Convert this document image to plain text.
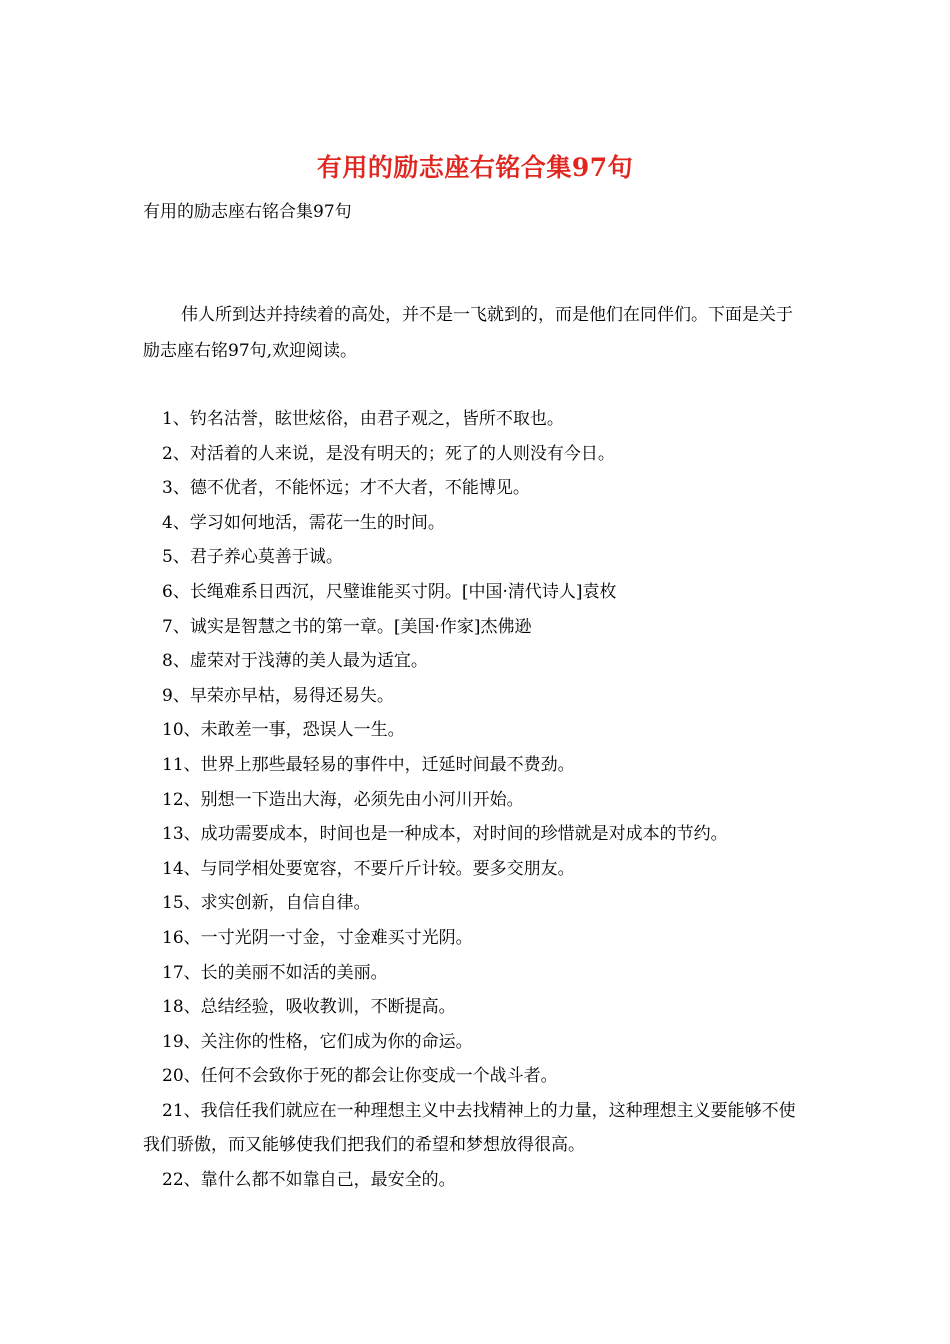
有用的励志座右铭合集97句
有用的励志座右铭合集97句

伟人所到达并持续着的高处，并不是一飞就到的，而是他们在同伴们。下面是关于励志座右铭97句,欢迎阅读。

1、钓名沽誉，眩世炫俗，由君子观之，皆所不取也。
2、对活着的人来说，是没有明天的；死了的人则没有今日。
3、德不优者，不能怀远；才不大者，不能博见。
4、学习如何地活，需花一生的时间。
5、君子养心莫善于诚。
6、长绳难系日西沉，尺璧谁能买寸阴。[中国·清代诗人]袁枚
7、诚实是智慧之书的第一章。[美国·作家]杰佛逊
8、虚荣对于浅薄的美人最为适宜。
9、早荣亦早枯，易得还易失。
10、未敢差一事，恐误人一生。
11、世界上那些最轻易的事件中，迁延时间最不费劲。
12、别想一下造出大海，必须先由小河川开始。
13、成功需要成本，时间也是一种成本，对时间的珍惜就是对成本的节约。
14、与同学相处要宽容，不要斤斤计较。要多交朋友。
15、求实创新，自信自律。
16、一寸光阴一寸金，寸金难买寸光阴。
17、长的美丽不如活的美丽。
18、总结经验，吸收教训，不断提高。
19、关注你的性格，它们成为你的命运。
20、任何不会致你于死的都会让你变成一个战斗者。
21、我信任我们就应在一种理想主义中去找精神上的力量，这种理想主义要能够不使我们骄傲，而又能够使我们把我们的希望和梦想放得很高。
22、靠什么都不如靠自己，最安全的。
